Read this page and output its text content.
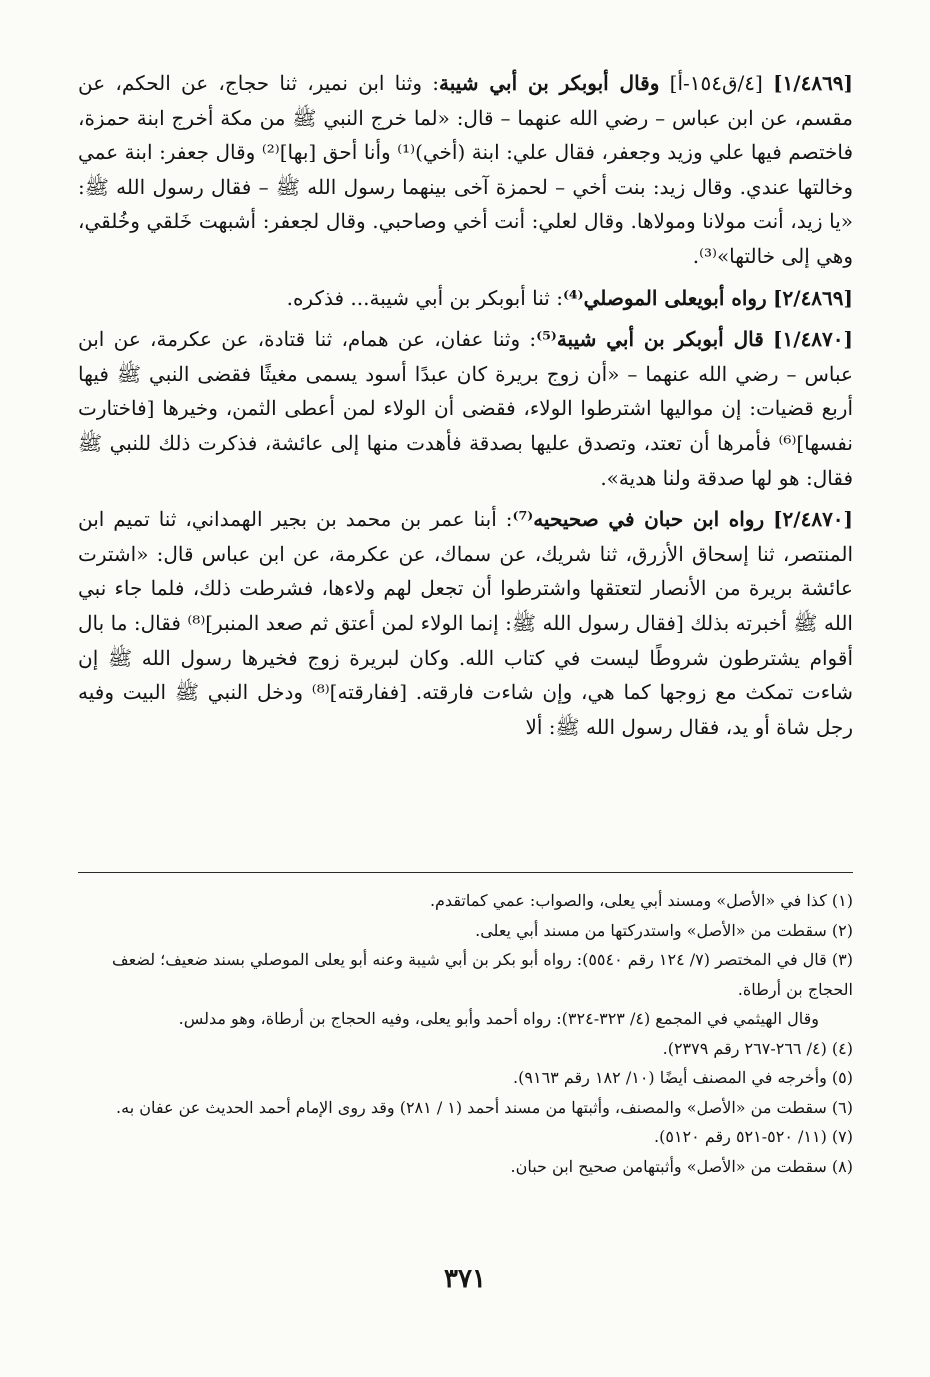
[١/٤٨٦٩] [٤/ق١٥٤-أ] وقال أبوبكر بن أبي شيبة: وثنا ابن نمير، ثنا حجاج، عن الحكم، عن مقسم، عن ابن عباس – رضي الله عنهما – قال: «لما خرج النبي ﷺ من مكة أخرج ابنة حمزة، فاختصم فيها علي وزيد وجعفر، فقال علي: ابنة (أخي)⁽¹⁾ وأنا أحق [بها]⁽²⁾ وقال جعفر: ابنة عمي وخالتها عندي. وقال زيد: بنت أخي – لحمزة آخى بينهما رسول الله ﷺ – فقال رسول الله ﷺ: «يا زيد، أنت مولانا ومولاها. وقال لعلي: أنت أخي وصاحبي. وقال لجعفر: أشبهت خَلقي وخُلقي، وهي إلى خالتها»⁽³⁾.

[٢/٤٨٦٩] رواه أبويعلى الموصلي⁽⁴⁾: ثنا أبوبكر بن أبي شيبة... فذكره.

[١/٤٨٧٠] قال أبوبكر بن أبي شيبة⁽⁵⁾: وثنا عفان، عن همام، ثنا قتادة، عن عكرمة، عن ابن عباس – رضي الله عنهما – «أن زوج بريرة كان عبدًا أسود يسمى مغيثًا فقضى النبي ﷺ فيها أربع قضيات: إن مواليها اشترطوا الولاء، فقضى أن الولاء لمن أعطى الثمن، وخيرها [فاختارت نفسها]⁽⁶⁾ فأمرها أن تعتد، وتصدق عليها بصدقة فأهدت منها إلى عائشة، فذكرت ذلك للنبي ﷺ فقال: هو لها صدقة ولنا هدية».

[٢/٤٨٧٠] رواه ابن حبان في صحيحيه⁽⁷⁾: أبنا عمر بن محمد بن بجير الهمداني، ثنا تميم ابن المنتصر، ثنا إسحاق الأزرق، ثنا شريك، عن سماك، عن عكرمة، عن ابن عباس قال: «اشترت عائشة بريرة من الأنصار لتعتقها واشترطوا أن تجعل لهم ولاءها، فشرطت ذلك، فلما جاء نبي الله ﷺ أخبرته بذلك [فقال رسول الله ﷺ: إنما الولاء لمن أعتق ثم صعد المنبر]⁽⁸⁾ فقال: ما بال أقوام يشترطون شروطًا ليست في كتاب الله. وكان لبريرة زوج فخيرها رسول الله ﷺ إن شاءت تمكث مع زوجها كما هي، وإن شاءت فارقته. [ففارقته]⁽⁸⁾ ودخل النبي ﷺ البيت وفيه رجل شاة أو يد، فقال رسول الله ﷺ: ألا

(١) كذا في «الأصل» ومسند أبي يعلى، والصواب: عمي كماتقدم.

(٢) سقطت من «الأصل» واستدركتها من مسند أبي يعلى.

(٣) قال في المختصر (٧/ ١٢٤ رقم ٥٥٤٠): رواه أبو بكر بن أبي شيبة وعنه أبو يعلى الموصلي بسند ضعيف؛ لضعف الحجاج بن أرطاة.

وقال الهيثمي في المجمع (٤/ ٣٢٣-٣٢٤): رواه أحمد وأبو يعلى، وفيه الحجاج بن أرطاة، وهو مدلس.

(٤) (٤/ ٢٦٦-٢٦٧ رقم ٢٣٧٩).

(٥) وأخرجه في المصنف أيضًا (١٠/ ١٨٢ رقم ٩١٦٣).

(٦) سقطت من «الأصل» والمصنف، وأثبتها من مسند أحمد (١ / ٢٨١) وقد روى الإمام أحمد الحديث عن عفان به.

(٧) (١١/ ٥٢٠-٥٢١ رقم ٥١٢٠).

(٨) سقطت من «الأصل» وأثبتهامن صحيح ابن حبان.

٣٧١
